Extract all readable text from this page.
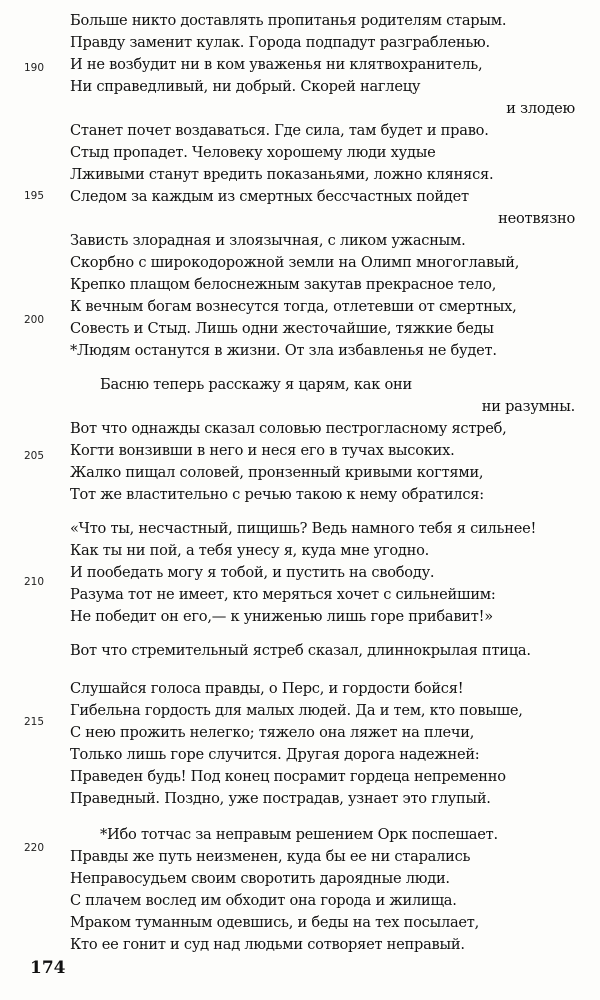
Больше никто доставлять пропитанья родителям старым.
Правду заменит кулак. Города подпадут разграбленью.
И не возбудит ни в ком уваженья ни клятвохранитель,
Ни справедливый, ни добрый. Скорей наглецу
и злодею
Станет почет воздаваться. Где сила, там будет и право.
Стыд пропадет. Человеку хорошему люди худые
Лживыми станут вредить показаньями, ложно кляняся.
Следом за каждым из смертных бессчастных пойдет
неотвязно
Зависть злорадная и злоязычная, с ликом ужасным.
Скорбно с широкодорожной земли на Олимп многоглавый,
Крепко плащом белоснежным закутав прекрасное тело,
К вечным богам вознесутся тогда, отлетевши от смертных,
Совесть и Стыд. Лишь одни жесточайшие, тяжкие беды
*Людям останутся в жизни. От зла избавленья не будет.
Басню теперь расскажу я царям, как они
ни разумны.
Вот что однажды сказал соловью пестрогласному ястреб,
Когти вонзивши в него и неся его в тучах высоких.
Жалко пищал соловей, пронзенный кривыми когтями,
Тот же властительно с речью такою к нему обратился:
«Что ты, несчастный, пищишь? Ведь намного тебя я сильнее!
Как ты ни пой, а тебя унесу я, куда мне угодно.
И пообедать могу я тобой, и пустить на свободу.
Разума тот не имеет, кто меряться хочет с сильнейшим:
Не победит он его,— к униженью лишь горе прибавит!»
Вот что стремительный ястреб сказал, длиннокрылая птица.
Слушайся голоса правды, о Перс, и гордости бойся!
Гибельна гордость для малых людей. Да и тем, кто повыше,
С нею прожить нелегко; тяжело она ляжет на плечи,
Только лишь горе случится. Другая дорога надежней:
Праведен будь! Под конец посрамит гордеца непременно
Праведный. Поздно, уже пострадав, узнает это глупый.
*Ибо тотчас за неправым решением Орк поспешает.
Правды же путь неизменен, куда бы ее ни старались
Неправосудьем своим своротить дароядные люди.
С плачем вослед им обходит она города и жилища.
Мраком туманным одевшись, и беды на тех посылает,
Кто ее гонит и суд над людьми сотворяет неправый.
190
195
200
205
210
215
220
174
